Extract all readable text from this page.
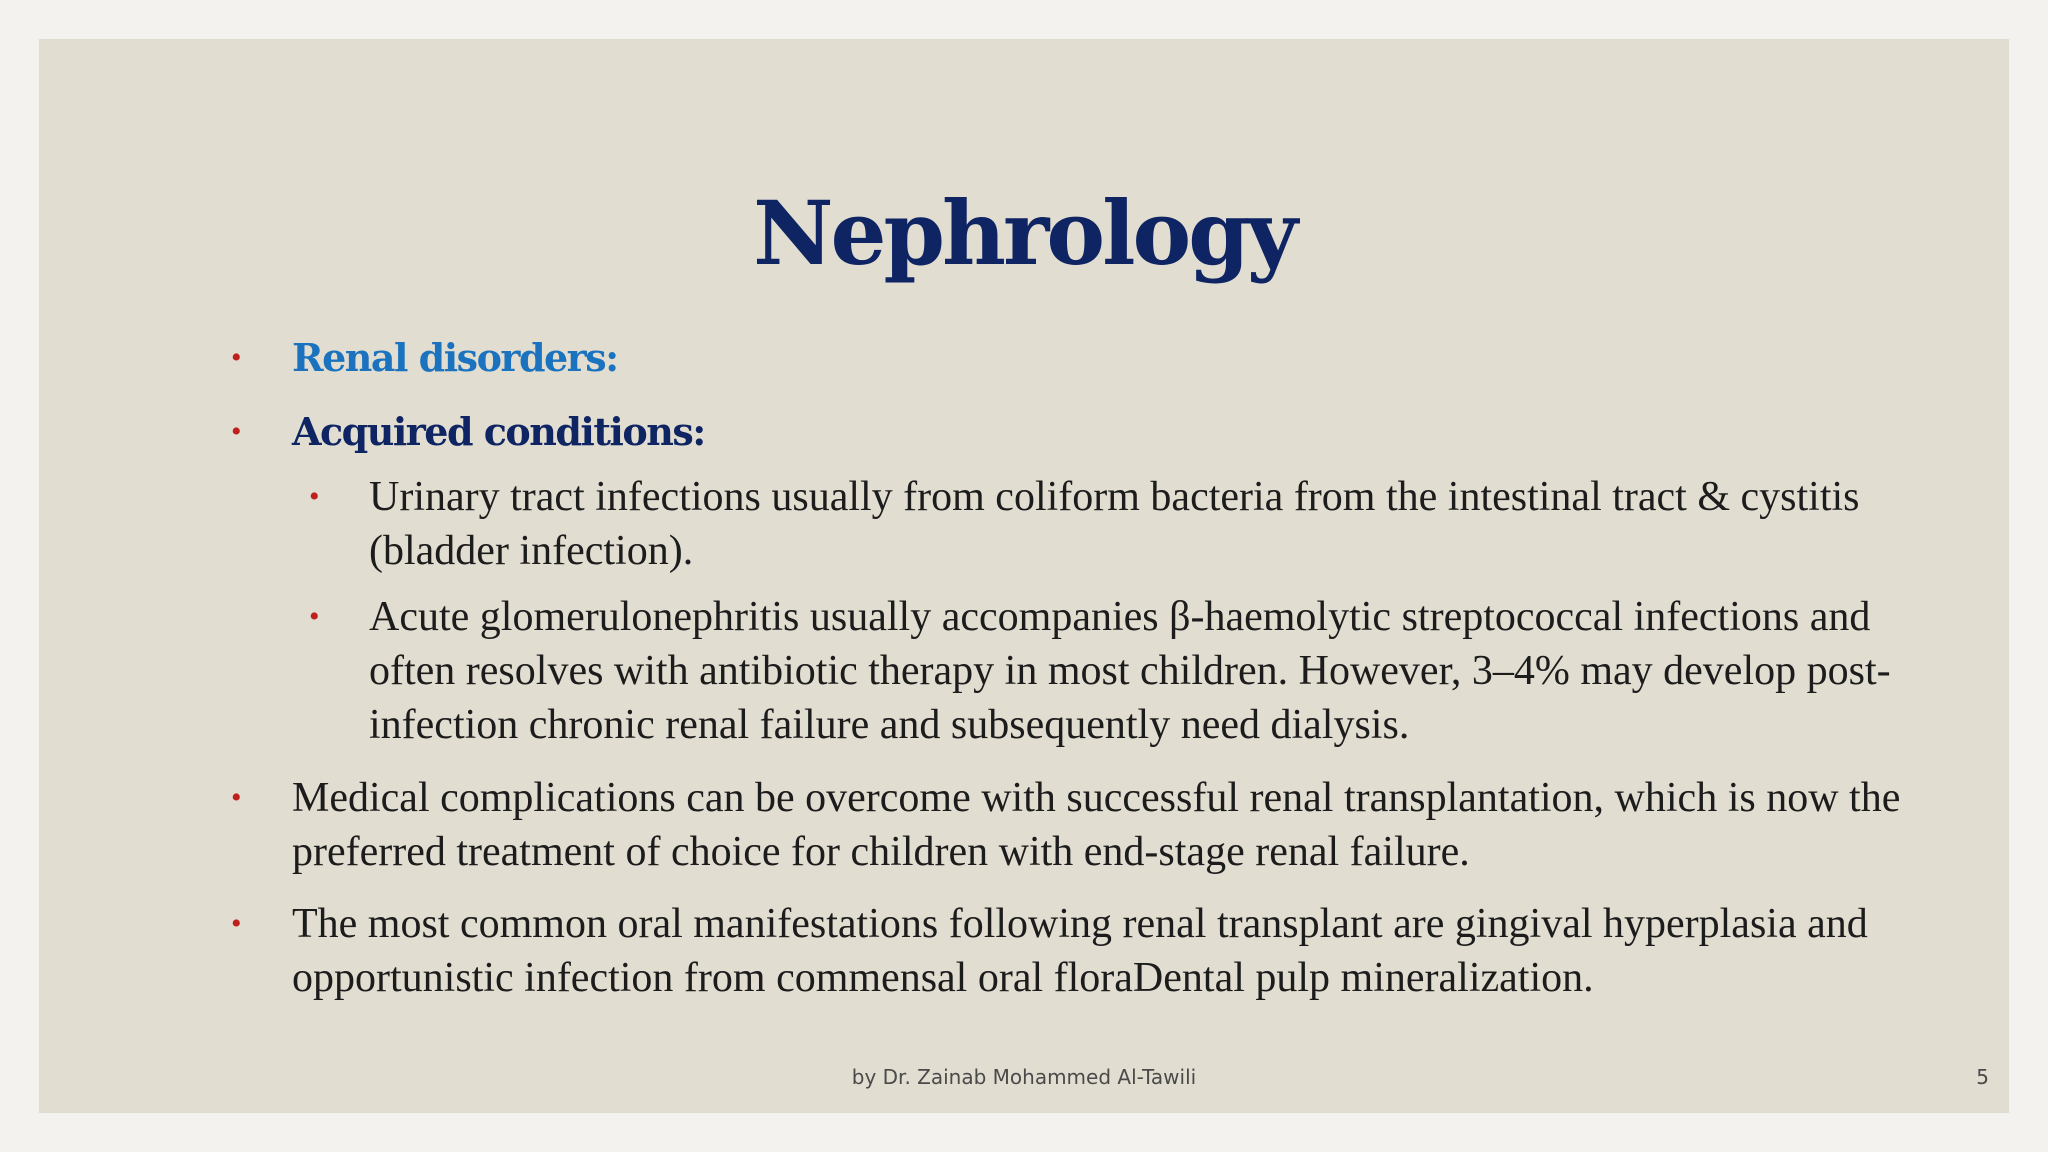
Nephrology
• Renal disorders:
• Acquired conditions:
• Urinary tract infections usually from coliform bacteria from the intestinal tract & cystitis (bladder infection).
• Acute glomerulonephritis usually accompanies β-haemolytic streptococcal infections and often resolves with antibiotic therapy in most children. However, 3–4% may develop post-infection chronic renal failure and subsequently need dialysis.
• Medical complications can be overcome with successful renal transplantation, which is now the preferred treatment of choice for children with end-stage renal failure.
• The most common oral manifestations following renal transplant are gingival hyperplasia and opportunistic infection from commensal oral floraDental pulp mineralization.
by Dr. Zainab Mohammed Al-Tawili	5
